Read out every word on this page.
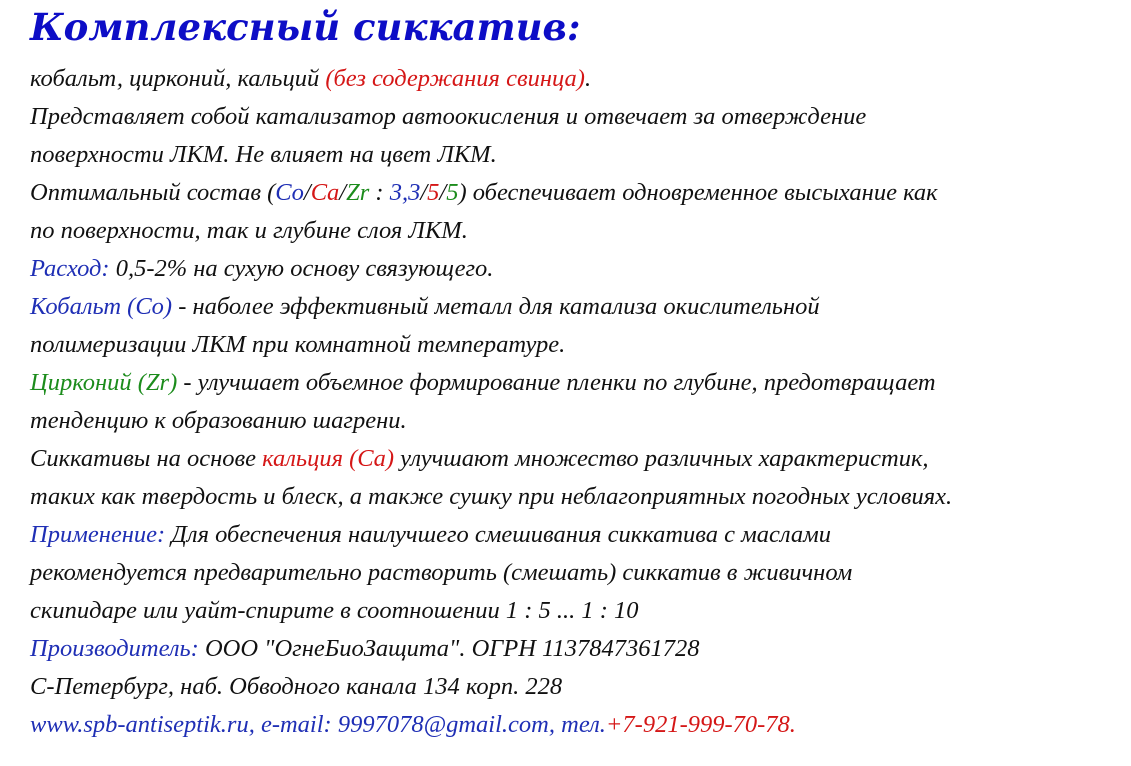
Комплексный сиккатив:
кобальт, цирконий, кальций (без содержания свинца).
Представляет собой катализатор автоокисления и отвечает за отверждение
поверхности ЛКМ. Не влияет на цвет ЛКМ.
Оптимальный состав (Co/Ca/Zr : 3,3/5/5) обеспечивает одновременное высыхание как
по поверхности, так и глубине слоя ЛКМ.
Расход: 0,5-2% на сухую основу связующего.
Кобальт (Co) - наболее эффективный металл для катализа окислительной
полимеризации ЛКМ при комнатной температуре.
Цирконий (Zr) - улучшает объемное формирование пленки по глубине, предотвращает
тенденцию к образованию шагрени.
Сиккативы на основе кальция (Ca) улучшают множество различных характеристик,
таких как твердость и блеск, а также сушку при неблагоприятных погодных условиях.
Применение: Для обеспечения наилучшего смешивания сиккатива с маслами
рекомендуется предварительно растворить (смешать) сиккатив в живичном
скипидаре или уайт-спирите в соотношении 1 : 5 ... 1 : 10
Производитель: ООО "ОгнеБиоЗащита". ОГРН 1137847361728
С-Петербург, наб. Обводного канала 134 корп. 228
www.spb-antiseptik.ru, e-mail: 9997078@gmail.com, тел.+7-921-999-70-78.
